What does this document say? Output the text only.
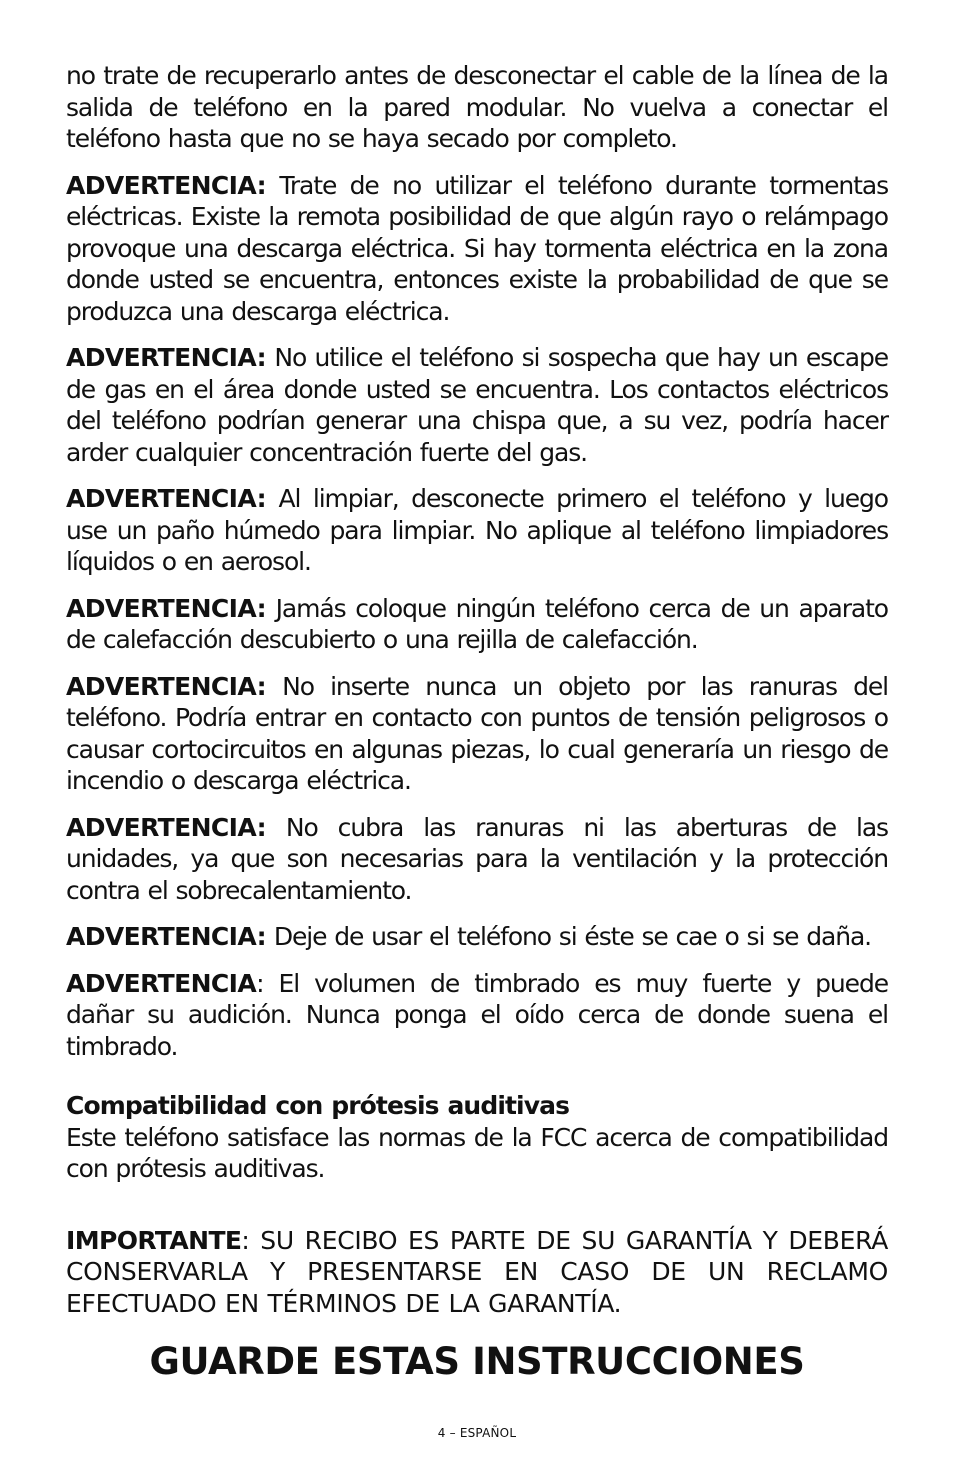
no trate de recuperarlo antes de desconectar el cable de la línea de la salida de teléfono en la pared modular. No vuelva a conectar el teléfono hasta que no se haya secado por completo.

ADVERTENCIA: Trate de no utilizar el teléfono durante tormentas eléctricas. Existe la remota posibilidad de que algún rayo o relámpago provoque una descarga eléctrica. Si hay tormenta eléctrica en la zona donde usted se encuentra, entonces existe la probabilidad de que se produzca una descarga eléctrica.

ADVERTENCIA: No utilice el teléfono si sospecha que hay un escape de gas en el área donde usted se encuentra. Los contactos eléctricos del teléfono podrían generar una chispa que, a su vez, podría hacer arder cualquier concentración fuerte del gas.

ADVERTENCIA: Al limpiar, desconecte primero el teléfono y luego use un paño húmedo para limpiar. No aplique al teléfono limpiadores líquidos o en aerosol.

ADVERTENCIA: Jamás coloque ningún teléfono cerca de un aparato de calefacción descubierto o una rejilla de calefacción.

ADVERTENCIA: No inserte nunca un objeto por las ranuras del teléfono. Podría entrar en contacto con puntos de tensión peligrosos o causar cortocircuitos en algunas piezas, lo cual generaría un riesgo de incendio o descarga eléctrica.

ADVERTENCIA: No cubra las ranuras ni las aberturas de las unidades, ya que son necesarias para la ventilación y la protección contra el sobrecalentamiento.

ADVERTENCIA: Deje de usar el teléfono si éste se cae o si se daña.

ADVERTENCIA: El volumen de timbrado es muy fuerte y puede dañar su audición. Nunca ponga el oído cerca de donde suena el timbrado.

Compatibilidad con prótesis auditivas

Este teléfono satisface las normas de la FCC acerca de compatibilidad con prótesis auditivas.

IMPORTANTE: SU RECIBO ES PARTE DE SU GARANTÍA Y DEBERÁ CONSERVARLA Y PRESENTARSE EN CASO DE UN RECLAMO EFECTUADO EN TÉRMINOS DE LA GARANTÍA.

GUARDE ESTAS INSTRUCCIONES
4 – ESPAÑOL
